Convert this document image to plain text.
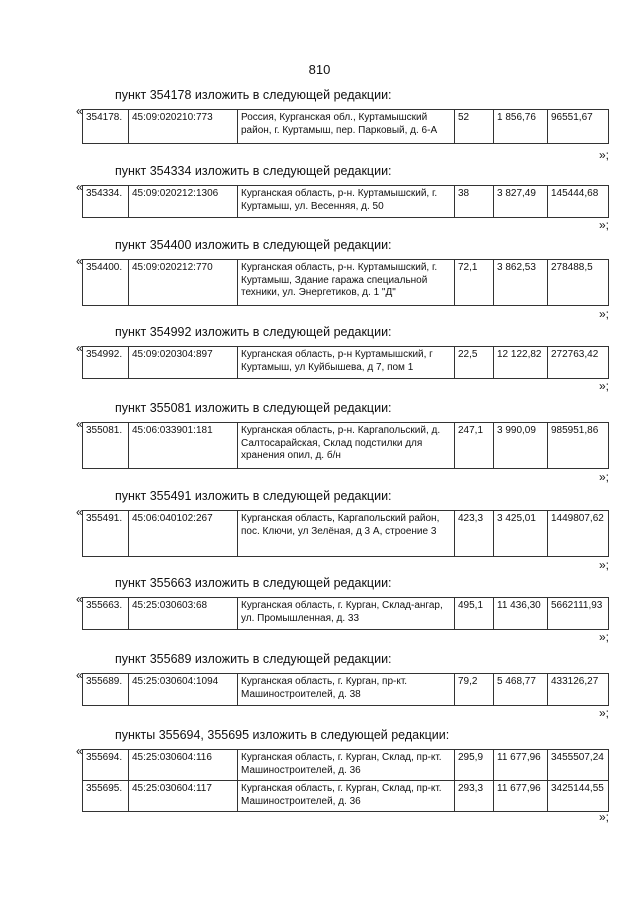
810
пункт 354178 изложить в следующей редакции:
« 354178.	45:09:020210:773	Россия, Курганская обл., Куртамышский район, г. Куртамыш, пер. Парковый, д. 6-А	52	1 856,76	96551,67
»;
пункт 354334 изложить в следующей редакции:
« 354334.	45:09:020212:1306	Курганская область, р-н. Куртамышский, г. Куртамыш, ул. Весенняя, д. 50	38	3 827,49	145444,68
»;
пункт 354400 изложить в следующей редакции:
« 354400.	45:09:020212:770	Курганская область, р-н. Куртамышский, г. Куртамыш, Здание гаража специальной техники, ул. Энергетиков, д. 1 "Д"	72,1	3 862,53	278488,5
»;
пункт 354992 изложить в следующей редакции:
« 354992.	45:09:020304:897	Курганская область, р-н Куртамышский, г Куртамыш, ул Куйбышева, д 7, пом 1	22,5	12 122,82	272763,42
»;
пункт 355081 изложить в следующей редакции:
« 355081.	45:06:033901:181	Курганская область, р-н. Каргапольский, д. Салтосарайская, Склад подстилки для хранения опил, д. б/н	247,1	3 990,09	985951,86
»;
пункт 355491 изложить в следующей редакции:
« 355491.	45:06:040102:267	Курганская область, Каргапольский район, пос. Ключи, ул Зелёная, д 3 А, строение 3	423,3	3 425,01	1449807,62
»;
пункт 355663 изложить в следующей редакции:
« 355663.	45:25:030603:68	Курганская область, г. Курган, Склад-ангар, ул. Промышленная, д. 33	495,1	11 436,30	5662111,93
»;
пункт 355689 изложить в следующей редакции:
« 355689.	45:25:030604:1094	Курганская область, г. Курган, пр-кт. Машиностроителей, д. 38	79,2	5 468,77	433126,27
»;
пункты 355694, 355695 изложить в следующей редакции:
« 355694.	45:25:030604:116	Курганская область, г. Курган, Склад, пр-кт. Машиностроителей, д. 36	295,9	11 677,96	3455507,24
355695.	45:25:030604:117	Курганская область, г. Курган, Склад, пр-кт. Машиностроителей, д. 36	293,3	11 677,96	3425144,55
»;
